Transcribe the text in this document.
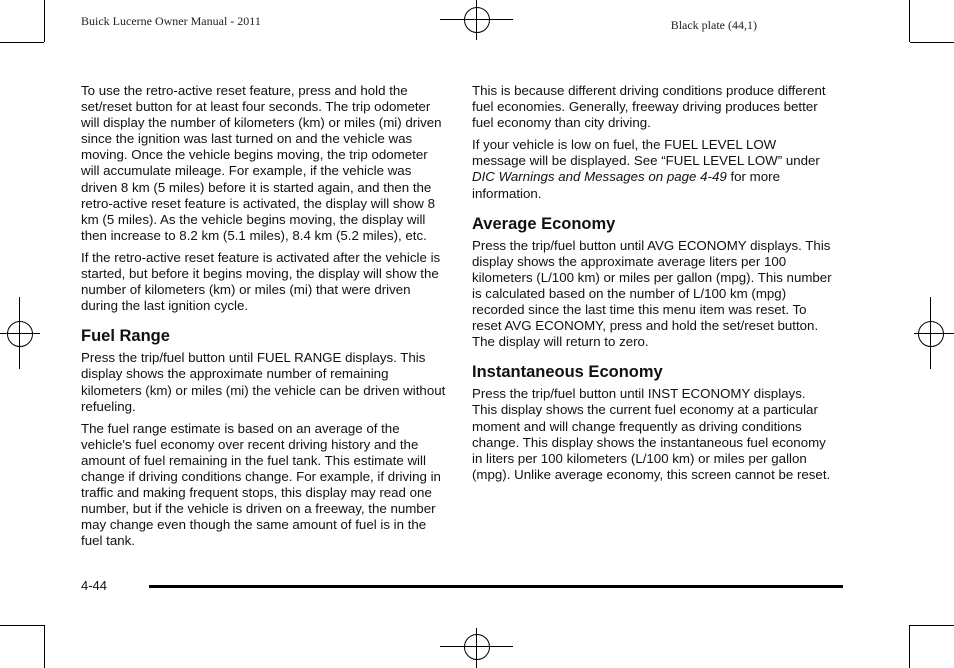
Buick Lucerne Owner Manual - 2011	Black plate (44,1)

To use the retro-active reset feature, press and hold the set/reset button for at least four seconds. The trip odometer will display the number of kilometers (km) or miles (mi) driven since the ignition was last turned on and the vehicle was moving. Once the vehicle begins moving, the trip odometer will accumulate mileage. For example, if the vehicle was driven 8 km (5 miles) before it is started again, and then the retro-active reset feature is activated, the display will show 8 km (5 miles). As the vehicle begins moving, the display will then increase to 8.2 km (5.1 miles), 8.4 km (5.2 miles), etc.

If the retro-active reset feature is activated after the vehicle is started, but before it begins moving, the display will show the number of kilometers (km) or miles (mi) that were driven during the last ignition cycle.

Fuel Range

Press the trip/fuel button until FUEL RANGE displays. This display shows the approximate number of remaining kilometers (km) or miles (mi) the vehicle can be driven without refueling.

The fuel range estimate is based on an average of the vehicle's fuel economy over recent driving history and the amount of fuel remaining in the fuel tank. This estimate will change if driving conditions change. For example, if driving in traffic and making frequent stops, this display may read one number, but if the vehicle is driven on a freeway, the number may change even though the same amount of fuel is in the fuel tank.

This is because different driving conditions produce different fuel economies. Generally, freeway driving produces better fuel economy than city driving.

If your vehicle is low on fuel, the FUEL LEVEL LOW message will be displayed. See “FUEL LEVEL LOW” under DIC Warnings and Messages on page 4-49 for more information.

Average Economy

Press the trip/fuel button until AVG ECONOMY displays. This display shows the approximate average liters per 100 kilometers (L/100 km) or miles per gallon (mpg). This number is calculated based on the number of L/100 km (mpg) recorded since the last time this menu item was reset. To reset AVG ECONOMY, press and hold the set/reset button. The display will return to zero.

Instantaneous Economy

Press the trip/fuel button until INST ECONOMY displays. This display shows the current fuel economy at a particular moment and will change frequently as driving conditions change. This display shows the instantaneous fuel economy in liters per 100 kilometers (L/100 km) or miles per gallon (mpg). Unlike average economy, this screen cannot be reset.

4-44
